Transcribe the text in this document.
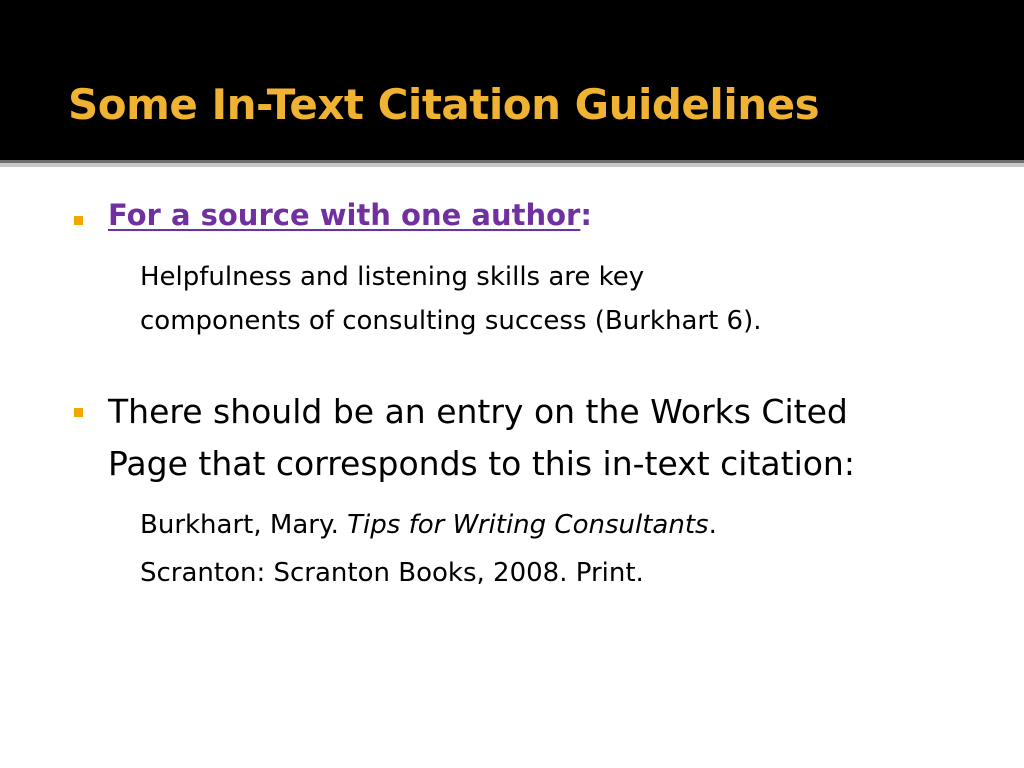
Some In-Text Citation Guidelines

For a source with one author:

Helpfulness and listening skills are key

components of consulting success (Burkhart 6).

There should be an entry on the Works Cited

Page that corresponds to this in-text citation:

Burkhart, Mary. Tips for Writing Consultants.

Scranton: Scranton Books, 2008. Print.
